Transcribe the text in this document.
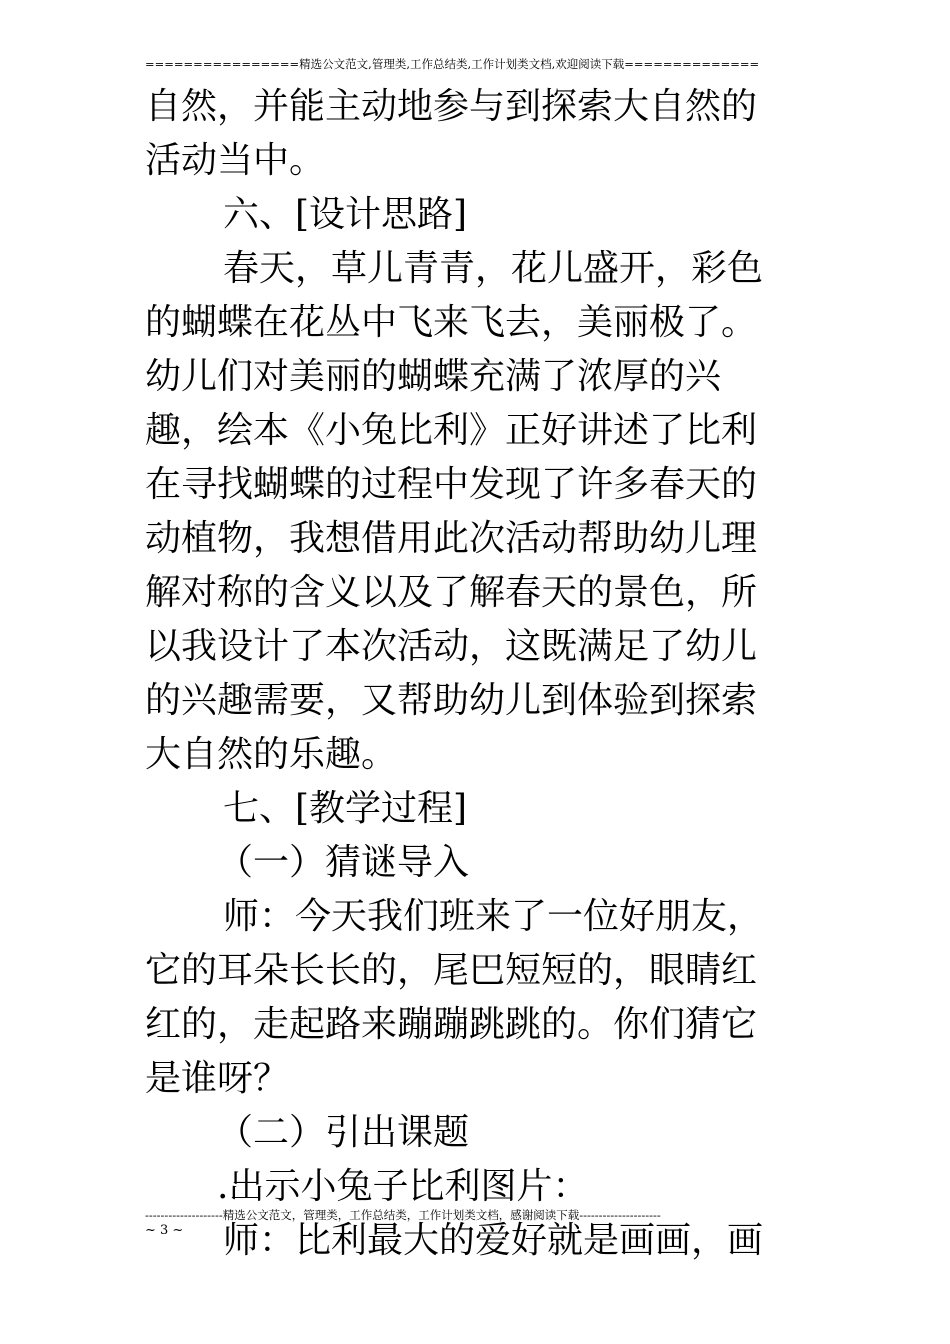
================精选公文范文,管理类,工作总结类,工作计划类文档,欢迎阅读下载==============
自然，并能主动地参与到探索大自然的
活动当中。
六、[设计思路]
春天，草儿青青，花儿盛开，彩色
的蝴蝶在花丛中飞来飞去，美丽极了。
幼儿们对美丽的蝴蝶充满了浓厚的兴
趣，绘本《小兔比利》正好讲述了比利
在寻找蝴蝶的过程中发现了许多春天的
动植物，我想借用此次活动帮助幼儿理
解对称的含义以及了解春天的景色，所
以我设计了本次活动，这既满足了幼儿
的兴趣需要，又帮助幼儿到体验到探索
大自然的乐趣。
七、[教学过程]
（一）猜谜导入
师：今天我们班来了一位好朋友，
它的耳朵长长的，尾巴短短的，眼睛红
红的，走起路来蹦蹦跳跳的。你们猜它
是谁呀？
（二）引出课题
.出示小兔子比利图片：
师：比利最大的爱好就是画画，画
--------------------精选公文范文，管理类，工作总结类，工作计划类文档，感谢阅读下载---------------------
~ 3 ~
